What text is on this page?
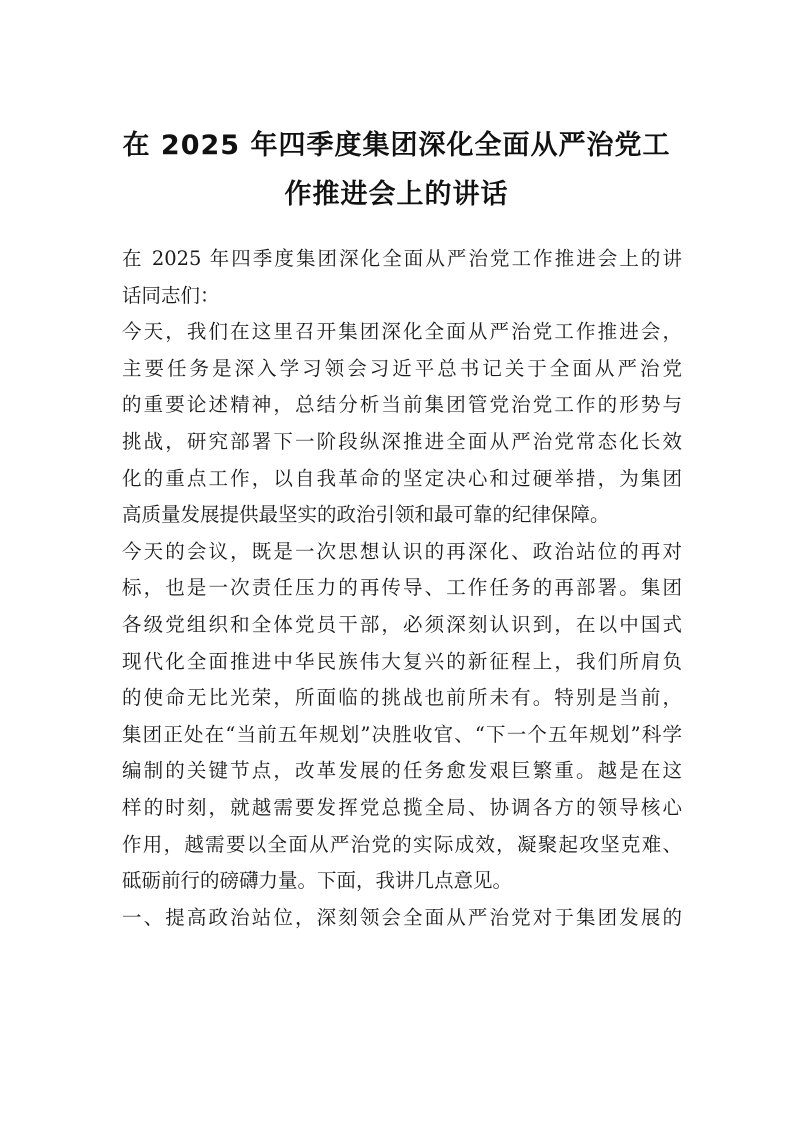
在 2025 年四季度集团深化全面从严治党工
作推进会上的讲话
在 2025 年四季度集团深化全面从严治党工作推进会上的讲
话同志们：
今天，我们在这里召开集团深化全面从严治党工作推进会，
主要任务是深入学习领会习近平总书记关于全面从严治党
的重要论述精神，总结分析当前集团管党治党工作的形势与
挑战，研究部署下一阶段纵深推进全面从严治党常态化长效
化的重点工作，以自我革命的坚定决心和过硬举措，为集团
高质量发展提供最坚实的政治引领和最可靠的纪律保障。
今天的会议，既是一次思想认识的再深化、政治站位的再对
标，也是一次责任压力的再传导、工作任务的再部署。集团
各级党组织和全体党员干部，必须深刻认识到，在以中国式
现代化全面推进中华民族伟大复兴的新征程上，我们所肩负
的使命无比光荣，所面临的挑战也前所未有。特别是当前，
集团正处在“当前五年规划”决胜收官、“下一个五年规划”科学
编制的关键节点，改革发展的任务愈发艰巨繁重。越是在这
样的时刻，就越需要发挥党总揽全局、协调各方的领导核心
作用，越需要以全面从严治党的实际成效，凝聚起攻坚克难、
砥砺前行的磅礴力量。下面，我讲几点意见。
一、提高政治站位，深刻领会全面从严治党对于集团发展的
